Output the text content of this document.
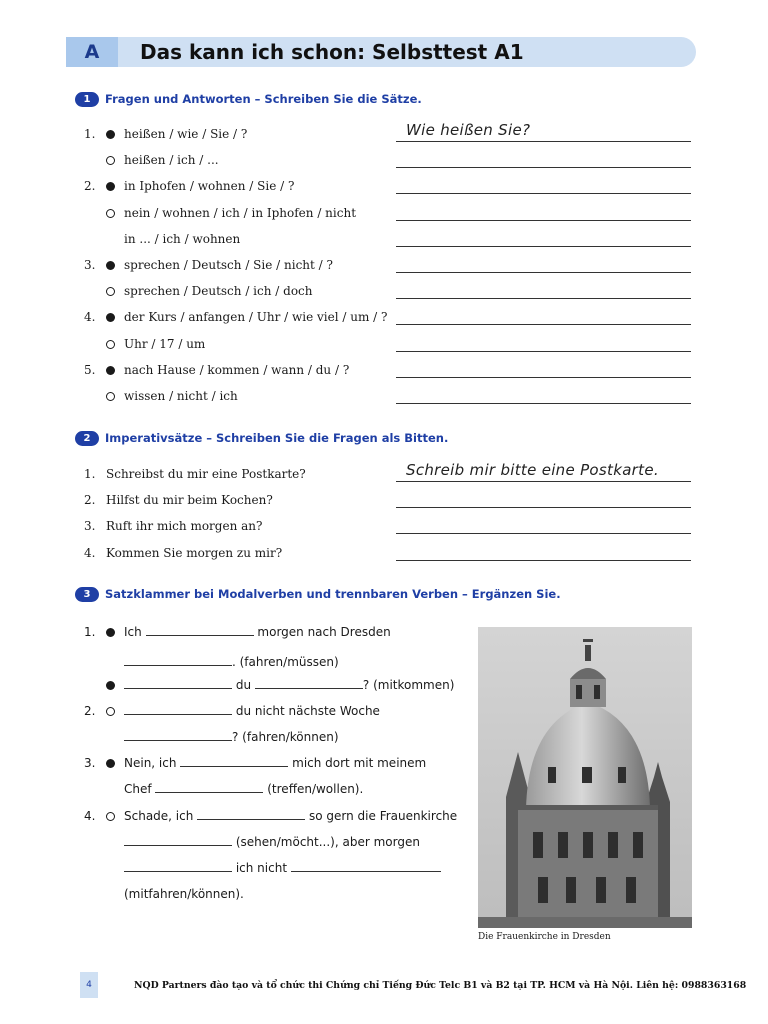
A	Das kann ich schon: Selbsttest A1
1 Fragen und Antworten – Schreiben Sie die Sätze.
1. heißen / wie / Sie / ?	Wie heißen Sie?
heißen / ich / ...
2. in Iphofen / wohnen / Sie / ?
nein / wohnen / ich / in Iphofen / nicht
in ... / ich / wohnen
3. sprechen / Deutsch / Sie / nicht / ?
sprechen / Deutsch / ich / doch
4. der Kurs / anfangen / Uhr / wie viel / um / ?
Uhr / 17 / um
5. nach Hause / kommen / wann / du / ?
wissen / nicht / ich
2 Imperativsätze – Schreiben Sie die Fragen als Bitten.
1. Schreibst du mir eine Postkarte?	Schreib mir bitte eine Postkarte.
2. Hilfst du mir beim Kochen?
3. Ruft ihr mich morgen an?
4. Kommen Sie morgen zu mir?
3 Satzklammer bei Modalverben und trennbaren Verben – Ergänzen Sie.
1. Ich	morgen nach Dresden
. (fahren/müssen)
du	? (mitkommen)
2.	du nicht nächste Woche
? (fahren/können)
3. Nein, ich	mich dort mit meinem
Chef	(treffen/wollen).
4. Schade, ich	so gern die Frauenkirche
(sehen/möcht...), aber morgen
ich nicht
(mitfahren/können).
Die Frauenkirche in Dresden
4	NQD Partners đào tạo và tổ chức thi Chứng chỉ Tiếng Đức Telc B1 và B2 tại TP. HCM và Hà Nội. Liên hệ: 0988363168
